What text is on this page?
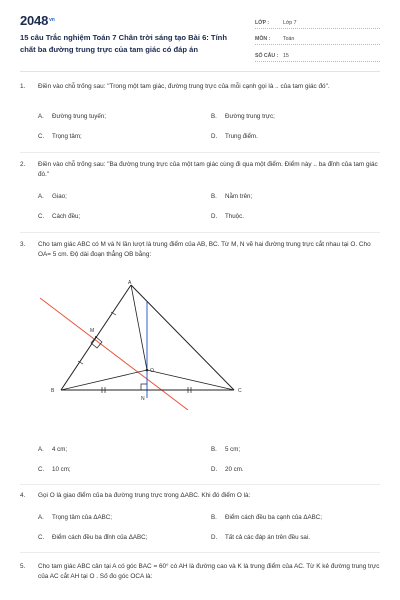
$2048^{vn}$
15 câu Trắc nghiệm Toán 7 Chân trời sáng tạo Bài 6: Tính chất ba đường trung trực của tam giác có đáp án
LỚP :	Lớp 7
MÔN :	Toán
SỐ CÂU : 15
1.	Điền vào chỗ trống sau: "Trong một tam giác, đường trung trực của mỗi cạnh gọi là .. của tam giác đó".
A.	Đường trung tuyến;	B.	Đường trung trực;
C.	Trọng tâm;	D.	Trung điểm.
2.	Điền vào chỗ trống sau: "Ba đường trung trực của một tam giác cùng đi qua một điểm. Điểm này .. ba đỉnh của tam giác đó."
A.	Giao;	B.	Nằm trên;
C.	Cách đều;	D.	Thuộc.
3.	Cho tam giác ABC có M và N lần lượt là trung điểm của AB, BC. Từ M, N vẽ hai đường trung trực cắt nhau tại O. Cho OA= 5 cm. Độ dài đoạn thẳng OB bằng:
A
B	C
M
N
O
A.	4 cm;	B.	5 cm;
C.	10 cm;	D.	20 cm.
4.	Gọi O là giao điểm của ba đường trung trực trong ΔABC. Khi đó điểm O là:
A.	Trọng tâm của ΔABC;	B.	Điểm cách đều ba cạnh của ΔABC;
C.	Điểm cách đều ba đỉnh của ΔABC;	D.	Tất cả các đáp án trên đều sai.
5.	Cho tam giác ABC cân tại A có góc BAC = 60° có AH là đường cao và K là trung điểm của AC. Từ K kẻ đường trung trực của AC cắt AH tại O . Số đo góc OCA là:
